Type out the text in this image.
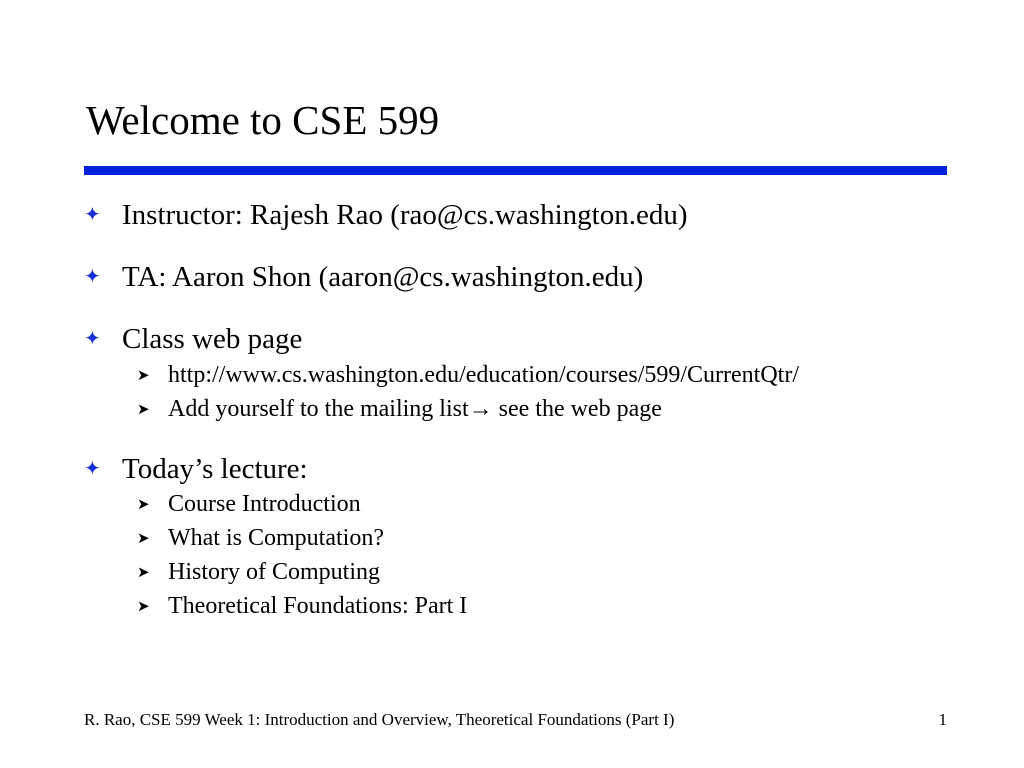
Welcome to CSE 599
✦ Instructor: Rajesh Rao (rao@cs.washington.edu)
✦ TA: Aaron Shon (aaron@cs.washington.edu)
✦ Class web page
➤ http://www.cs.washington.edu/education/courses/599/CurrentQtr/
➤ Add yourself to the mailing list→ see the web page
✦ Today’s lecture:
➤ Course Introduction
➤ What is Computation?
➤ History of Computing
➤ Theoretical Foundations: Part I
R. Rao, CSE 599 Week 1: Introduction and Overview, Theoretical Foundations (Part I)	1
